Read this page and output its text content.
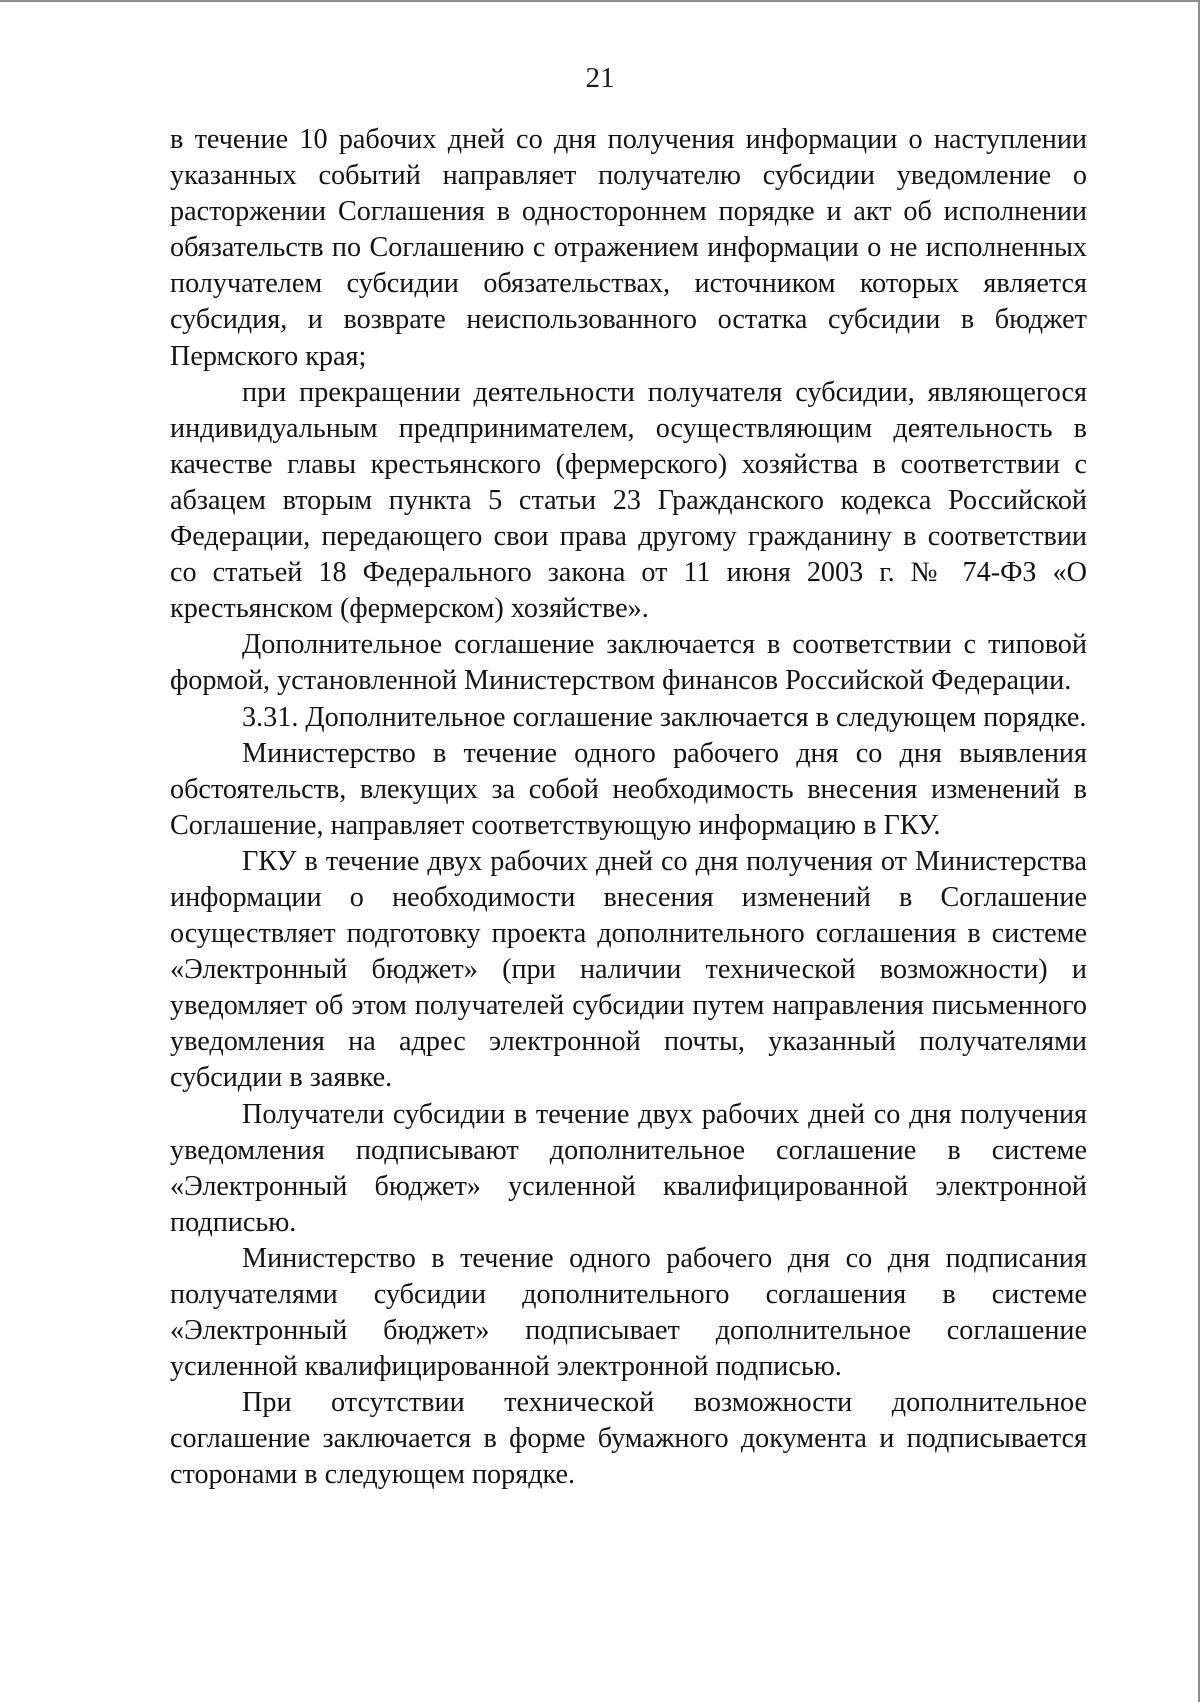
21

в течение 10 рабочих дней со дня получения информации о наступлении указанных событий направляет получателю субсидии уведомление о расторжении Соглашения в одностороннем порядке и акт об исполнении обязательств по Соглашению с отражением информации о не исполненных получателем субсидии обязательствах, источником которых является субсидия, и возврате неиспользованного остатка субсидии в бюджет Пермского края;

при прекращении деятельности получателя субсидии, являющегося индивидуальным предпринимателем, осуществляющим деятельность в качестве главы крестьянского (фермерского) хозяйства в соответствии с абзацем вторым пункта 5 статьи 23 Гражданского кодекса Российской Федерации, передающего свои права другому гражданину в соответствии со статьей 18 Федерального закона от 11 июня 2003 г. № 74-ФЗ «О крестьянском (фермерском) хозяйстве».

Дополнительное соглашение заключается в соответствии с типовой формой, установленной Министерством финансов Российской Федерации.

3.31. Дополнительное соглашение заключается в следующем порядке.

Министерство в течение одного рабочего дня со дня выявления обстоятельств, влекущих за собой необходимость внесения изменений в Соглашение, направляет соответствующую информацию в ГКУ.

ГКУ в течение двух рабочих дней со дня получения от Министерства информации о необходимости внесения изменений в Соглашение осуществляет подготовку проекта дополнительного соглашения в системе «Электронный бюджет» (при наличии технической возможности) и уведомляет об этом получателей субсидии путем направления письменного уведомления на адрес электронной почты, указанный получателями субсидии в заявке.

Получатели субсидии в течение двух рабочих дней со дня получения уведомления подписывают дополнительное соглашение в системе «Электронный бюджет» усиленной квалифицированной электронной подписью.

Министерство в течение одного рабочего дня со дня подписания получателями субсидии дополнительного соглашения в системе «Электронный бюджет» подписывает дополнительное соглашение усиленной квалифицированной электронной подписью.

При отсутствии технической возможности дополнительное соглашение заключается в форме бумажного документа и подписывается сторонами в следующем порядке.
